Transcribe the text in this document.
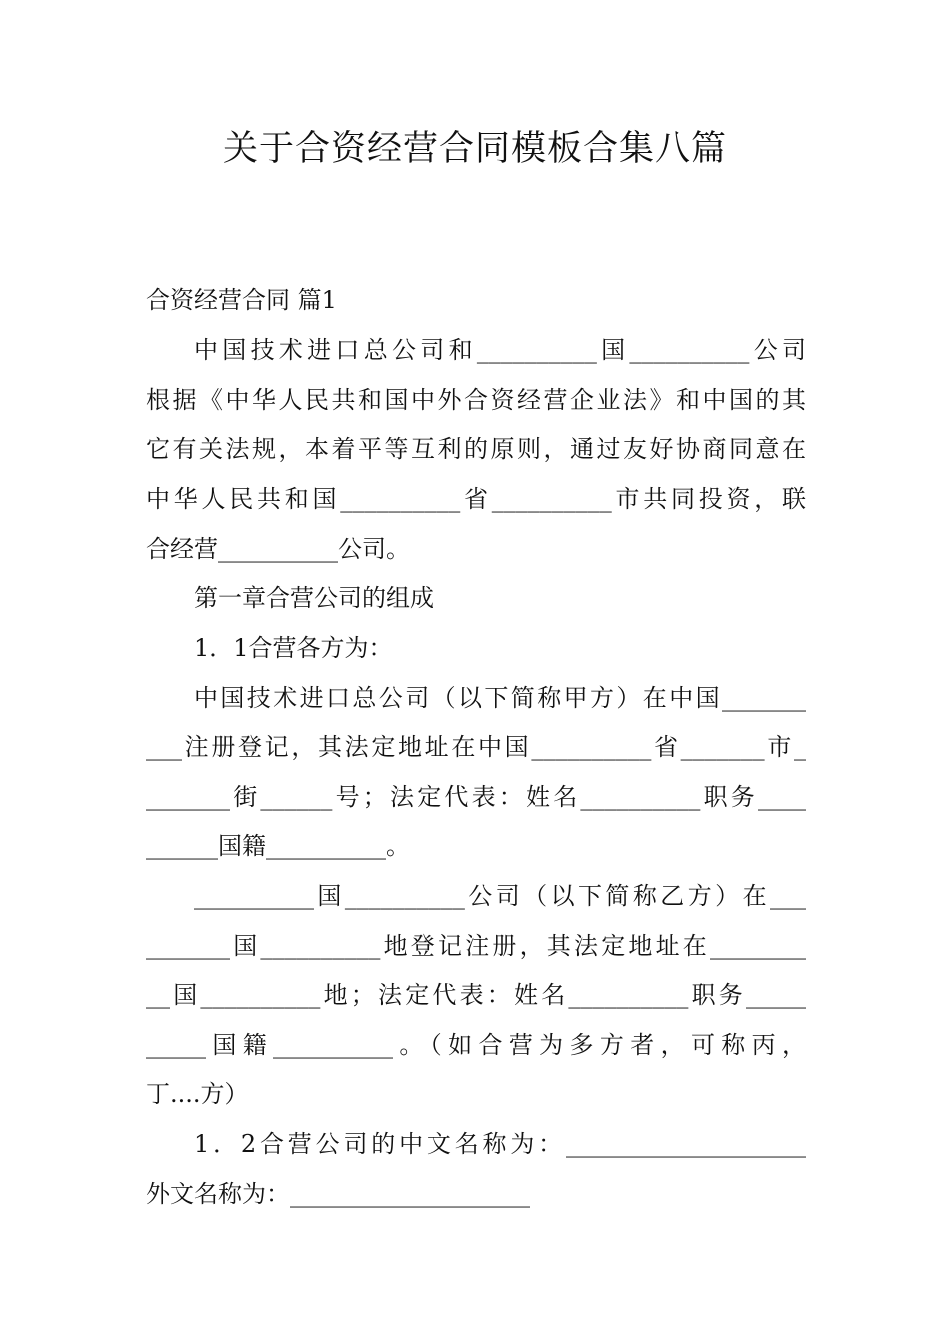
关于合资经营合同模板合集八篇
合资经营合同 篇1
中国技术进口总公司和__________国__________公司
根据《中华人民共和国中外合资经营企业法》和中国的其
它有关法规，本着平等互利的原则，通过友好协商同意在
中华人民共和国__________省__________市共同投资，联
合经营__________公司。
第一章合营公司的组成
1．1合营各方为：
中国技术进口总公司（以下简称甲方）在中国_______
___注册登记，其法定地址在中国__________省_______市_
_______街______号；法定代表：姓名__________职务____
______国籍__________。
__________国__________公司（以下简称乙方）在___
_______国__________地登记注册，其法定地址在________
__国__________地；法定代表：姓名__________职务_____
_____国籍__________。（如合营为多方者，可称丙，
丁....方）
1．2合营公司的中文名称为：____________________
外文名称为：____________________
